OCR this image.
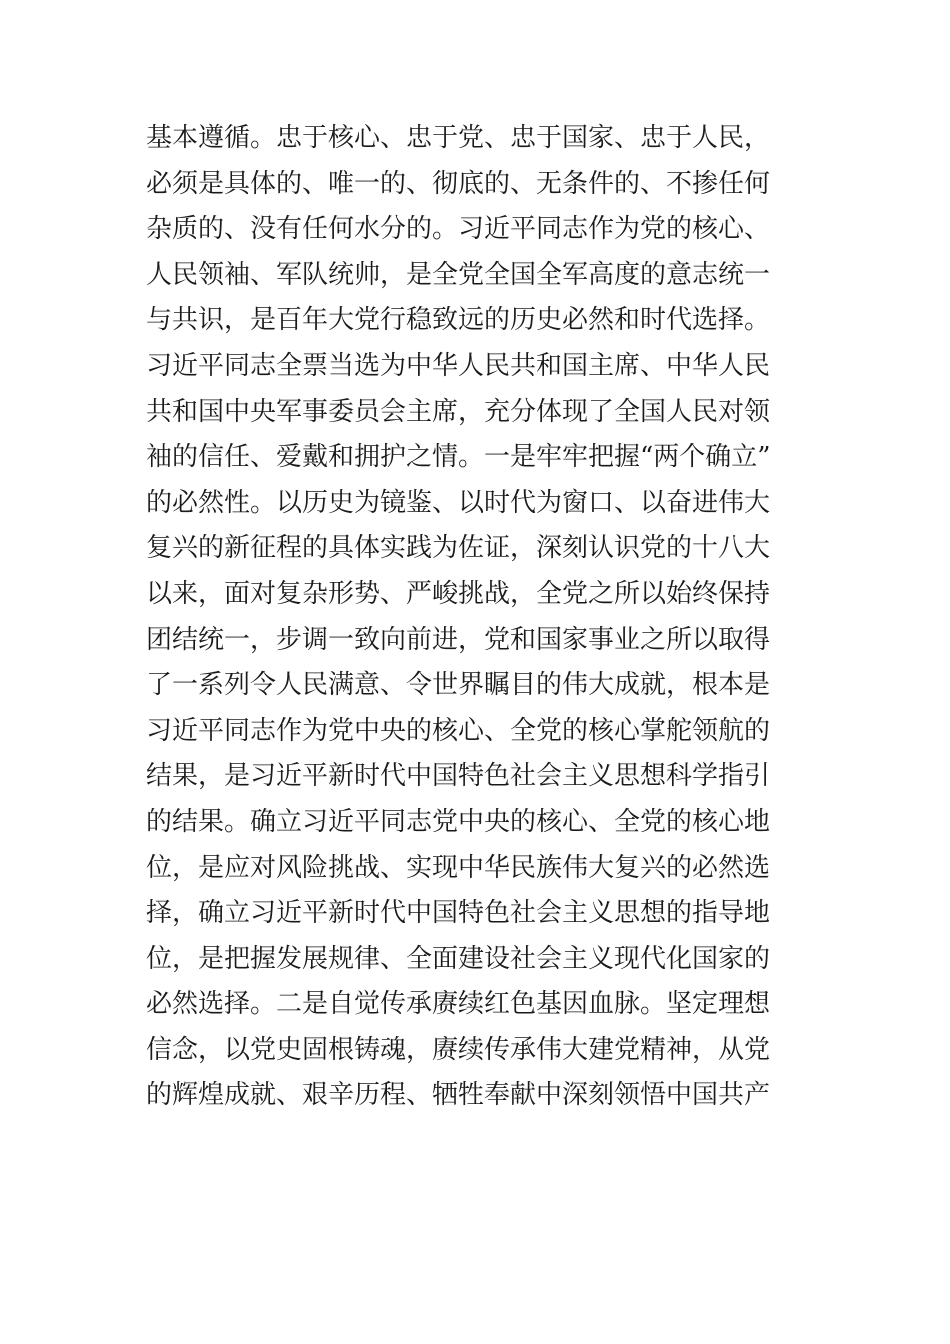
基本遵循。忠于核心、忠于党、忠于国家、忠于人民，
必须是具体的、唯一的、彻底的、无条件的、不掺任何
杂质的、没有任何水分的。习近平同志作为党的核心、
人民领袖、军队统帅，是全党全国全军高度的意志统一
与共识，是百年大党行稳致远的历史必然和时代选择。
习近平同志全票当选为中华人民共和国主席、中华人民
共和国中央军事委员会主席，充分体现了全国人民对领
袖的信任、爱戴和拥护之情。一是牢牢把握“两个确立”
的必然性。以历史为镜鉴、以时代为窗口、以奋进伟大
复兴的新征程的具体实践为佐证，深刻认识党的十八大
以来，面对复杂形势、严峻挑战，全党之所以始终保持
团结统一，步调一致向前进，党和国家事业之所以取得
了一系列令人民满意、令世界瞩目的伟大成就，根本是
习近平同志作为党中央的核心、全党的核心掌舵领航的
结果，是习近平新时代中国特色社会主义思想科学指引
的结果。确立习近平同志党中央的核心、全党的核心地
位，是应对风险挑战、实现中华民族伟大复兴的必然选
择，确立习近平新时代中国特色社会主义思想的指导地
位，是把握发展规律、全面建设社会主义现代化国家的
必然选择。二是自觉传承赓续红色基因血脉。坚定理想
信念，以党史固根铸魂，赓续传承伟大建党精神，从党
的辉煌成就、艰辛历程、牺牲奉献中深刻领悟中国共产
